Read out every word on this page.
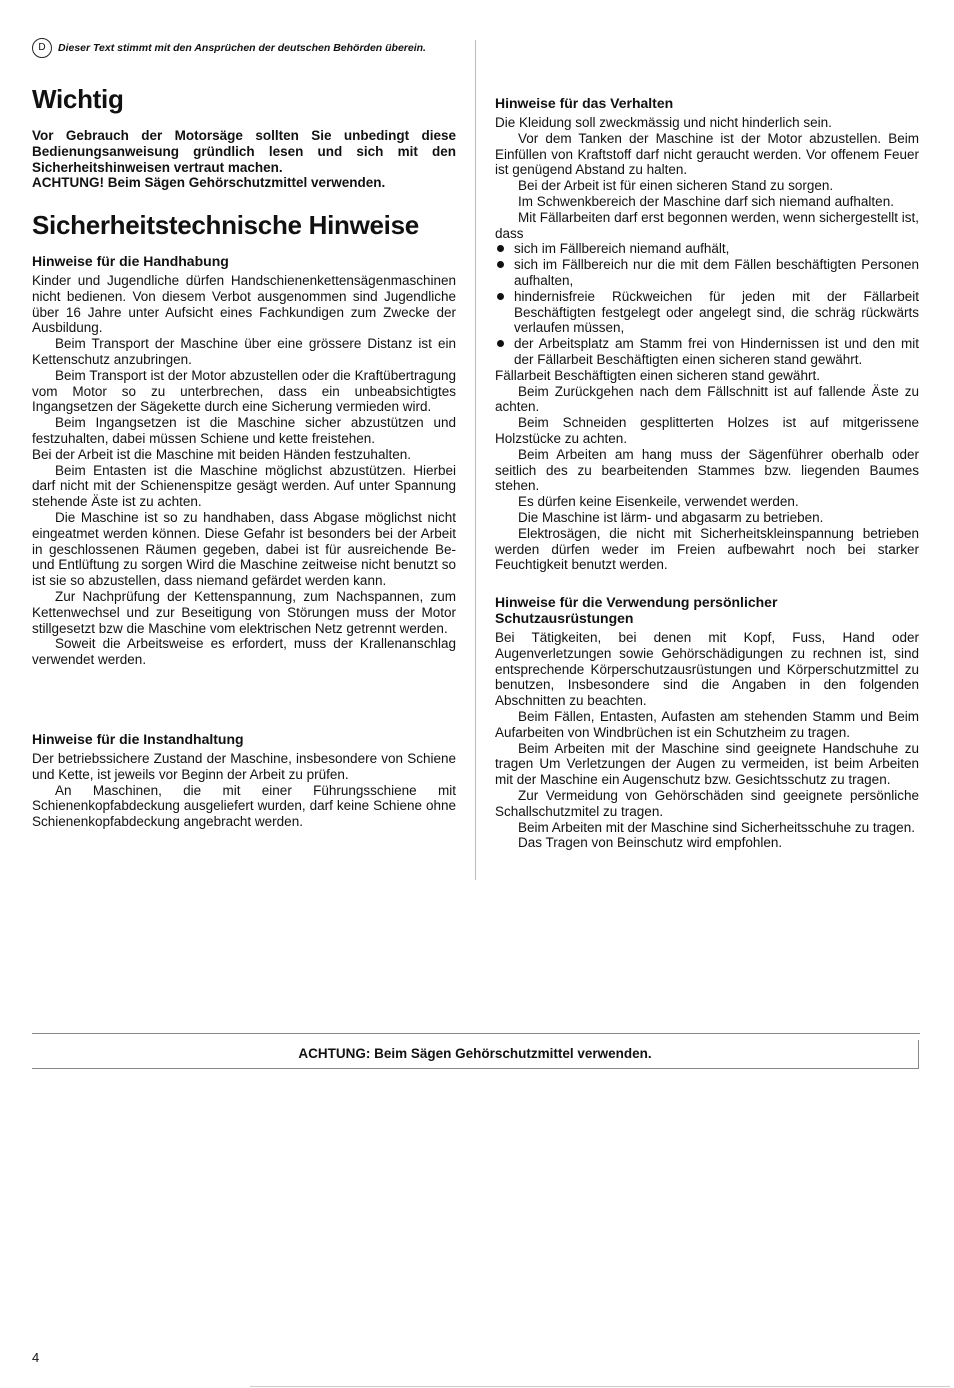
D Dieser Text stimmt mit den Ansprüchen der deutschen Behörden überein.
Wichtig
Vor Gebrauch der Motorsäge sollten Sie unbedingt diese Bedienungsanweisung gründlich lesen und sich mit den Sicherheitshinweisen vertraut machen.
ACHTUNG! Beim Sägen Gehörschutzmittel verwenden.
Sicherheitstechnische Hinweise
Hinweise für die Handhabung

Kinder und Jugendliche dürfen Handschienenkettensägenmaschinen nicht bedienen. Von diesem Verbot ausgenommen sind Jugendliche über 16 Jahre unter Aufsicht eines Fachkundigen zum Zwecke der Ausbildung.

Beim Transport der Maschine über eine grössere Distanz ist ein Kettenschutz anzubringen.

Beim Transport ist der Motor abzustellen oder die Kraftübertragung vom Motor so zu unterbrechen, dass ein unbeabsichtigtes Ingangsetzen der Sägekette durch eine Sicherung vermieden wird.

Beim Ingangsetzen ist die Maschine sicher abzustützen und festzuhalten, dabei müssen Schiene und kette freistehen.

Bei der Arbeit ist die Maschine mit beiden Händen festzuhalten.

Beim Entasten ist die Maschine möglichst abzustützen. Hierbei darf nicht mit der Schienenspitze gesägt werden. Auf unter Spannung stehende Äste ist zu achten.

Die Maschine ist so zu handhaben, dass Abgase möglichst nicht eingeatmet werden können. Diese Gefahr ist besonders bei der Arbeit in geschlossenen Räumen gegeben, dabei ist für ausreichende Be- und Entlüftung zu sorgen Wird die Maschine zeitweise nicht benutzt so ist sie so abzustellen, dass niemand gefärdet werden kann.

Zur Nachprüfung der Kettenspannung, zum Nachspannen, zum Kettenwechsel und zur Beseitigung von Störungen muss der Motor stillgesetzt bzw die Maschine vom elektrischen Netz getrennt werden.

Soweit die Arbeitsweise es erfordert, muss der Krallenanschlag verwendet werden.

Hinweise für die Instandhaltung

Der betriebssichere Zustand der Maschine, insbesondere von Schiene und Kette, ist jeweils vor Beginn der Arbeit zu prüfen.

An Maschinen, die mit einer Führungsschiene mit Schienenkopfabdeckung ausgeliefert wurden, darf keine Schiene ohne Schienenkopfabdeckung angebracht werden.

Hinweise für das Verhalten

Die Kleidung soll zweckmässig und nicht hinderlich sein.

Vor dem Tanken der Maschine ist der Motor abzustellen. Beim Einfüllen von Kraftstoff darf nicht geraucht werden. Vor offenem Feuer ist genügend Abstand zu halten.

Bei der Arbeit ist für einen sicheren Stand zu sorgen.

Im Schwenkbereich der Maschine darf sich niemand aufhalten.

Mit Fällarbeiten darf erst begonnen werden, wenn sichergestellt ist, dass

sich im Fällbereich niemand aufhält,
sich im Fällbereich nur die mit dem Fällen beschäftigten Personen aufhalten,
hindernisfreie Rückweichen für jeden mit der Fällarbeit Beschäftigten festgelegt oder angelegt sind, die schräg rückwärts verlaufen müssen,
der Arbeitsplatz am Stamm frei von Hindernissen ist und den mit der Fällarbeit Beschäftigten einen sicheren stand gewährt.

Fällarbeit Beschäftigten einen sicheren stand gewährt.

Beim Zurückgehen nach dem Fällschnitt ist auf fallende Äste zu achten.

Beim Schneiden gesplitterten Holzes ist auf mitgerissene Holzstücke zu achten.

Beim Arbeiten am hang muss der Sägenführer oberhalb oder seitlich des zu bearbeitenden Stammes bzw. liegenden Baumes stehen.

Es dürfen keine Eisenkeile, verwendet werden.

Die Maschine ist lärm- und abgasarm zu betrieben.

Elektrosägen, die nicht mit Sicherheitskleinspannung betrieben werden dürfen weder im Freien aufbewahrt noch bei starker Feuchtigkeit benutzt werden.

Hinweise für die Verwendung persönlicher Schutzausrüstungen

Bei Tätigkeiten, bei denen mit Kopf, Fuss, Hand oder Augenverletzungen sowie Gehörschädigungen zu rechnen ist, sind entsprechende Körperschutzausrüstungen und Körperschutzmittel zu benutzen, Insbesondere sind die Angaben in den folgenden Abschnitten zu beachten.

Beim Fällen, Entasten, Aufasten am stehenden Stamm und Beim Aufarbeiten von Windbrüchen ist ein Schutzheim zu tragen.

Beim Arbeiten mit der Maschine sind geeignete Handschuhe zu tragen Um Verletzungen der Augen zu vermeiden, ist beim Arbeiten mit der Maschine ein Augenschutz bzw. Gesichtsschutz zu tragen.

Zur Vermeidung von Gehörschäden sind geeignete persönliche Schallschutzmitel zu tragen.

Beim Arbeiten mit der Maschine sind Sicherheitsschuhe zu tragen.

Das Tragen von Beinschutz wird empfohlen.

ACHTUNG: Beim Sägen Gehörschutzmittel verwenden.
4
